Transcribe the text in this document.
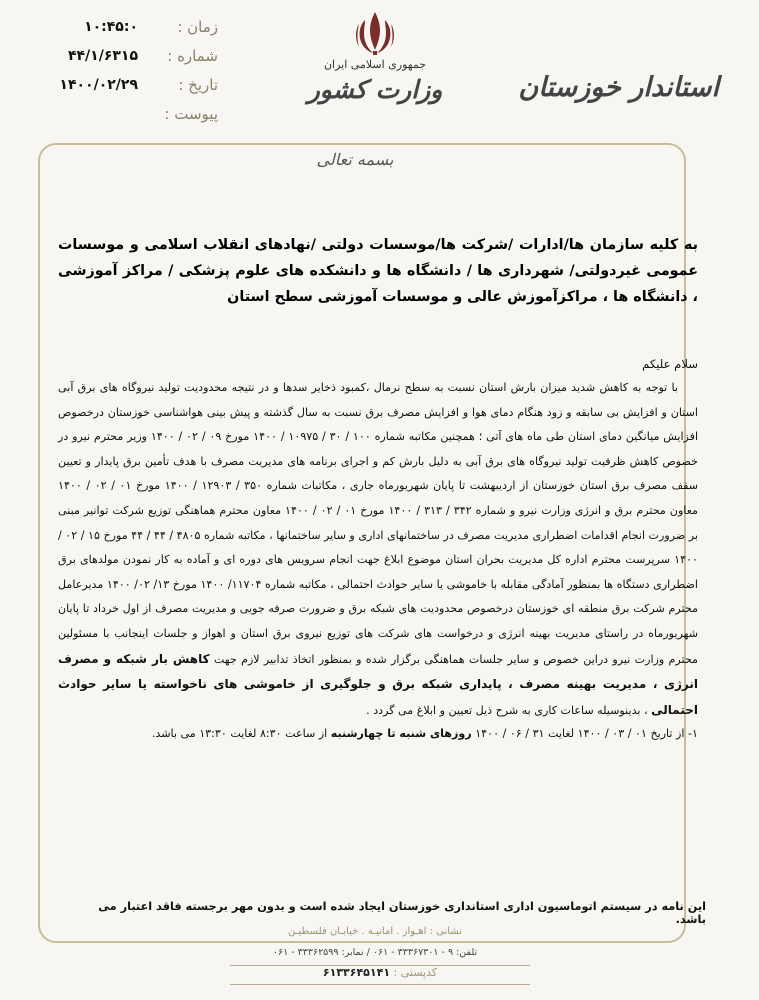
زمان :
۱۰:۴۵:۰
شماره :
۴۴/۱/۶۳۱۵
تاریخ :
۱۴۰۰/۰۲/۲۹
پیوست :
جمهوری اسلامی ایران
وزارت کشور	استاندار خوزستان
بسمه تعالی
به کلیه سازمان ها/ادارات /شرکت ها/موسسات دولتی /نهادهای انقلاب اسلامی و موسسات عمومی غیردولتی/ شهرداری ها / دانشگاه ها و دانشکده های علوم پزشکی / مراکز آموزشی ، دانشگاه ها ، مراکزآموزش عالی و موسسات آموزشی سطح استان
سلام علیکم
با توجه به کاهش شدید میزان بارش استان نسبت به سطح نرمال ،کمبود ذخایر سدها و در نتیجه محدودیت تولید نیروگاه های برق آبی استان و افزایش بی سابقه و زود هنگام دمای هوا و افزایش مصرف برق نسبت به سال گذشته و پیش بینی هواشناسی خوزستان درخصوص افزایش میانگین دمای استان طی ماه های آتی ؛ همچنین مکاتبه شماره ۱۰۰ / ۳۰ / ۱۰۹۷۵ / ۱۴۰۰ مورخ ۰۹ / ۰۲ / ۱۴۰۰ وزیر محترم نیرو در خصوص کاهش ظرفیت تولید نیروگاه های برق آبی به دلیل بارش کم و اجرای برنامه های مدیریت مصرف با هدف تأمین برق پایدار و تعیین سقف مصرف برق استان خوزستان از اردیبهشت تا پایان شهریورماه جاری ، مکاتبات شماره ۳۵۰ / ۱۲۹۰۳ / ۱۴۰۰ مورخ ۰۱ / ۰۲ / ۱۴۰۰ معاون محترم برق و انرژی وزارت نیرو و شماره ۳۴۲ / ۳۱۳ / ۱۴۰۰ مورخ ۰۱ / ۰۲ / ۱۴۰۰ معاون محترم هماهنگی توزیع شرکت توانیر مبنی بر ضرورت انجام اقدامات اضطراری مدیریت مصرف در ساختمانهای اداری و سایر ساختمانها ، مکاتبه شماره ۴۸۰۵ / ۴۴ / ۴۴ مورخ ۱۵ / ۰۲ / ۱۴۰۰ سرپرست محترم اداره کل مدیریت بحران استان موضوع ابلاغ جهت انجام سرویس های دوره ای و آماده به کار نمودن مولدهای برق اضطراری دستگاه ها بمنظور آمادگی مقابله با خاموشی یا سایر حوادث احتمالی ، مکاتبه شماره ۱۱۷۰۴/ ۱۴۰۰ مورخ ۱۳/ ۰۲/ ۱۴۰۰ مدیرعامل محترم شرکت برق منطقه ای خوزستان درخصوص محدودیت های شبکه برق و ضرورت صرفه جویی و مدیریت مصرف از اول خرداد تا پایان شهریورماه در راستای مدیریت بهینه انرژی و درخواست های شرکت های توزیع نیروی برق استان و اهواز و جلسات اینجانب با مسئولین محترم وزارت نیرو دراین خصوص و سایر جلسات هماهنگی برگزار شده و بمنظور اتخاذ تدابیر لازم جهت کاهش بار شبکه و مصرف انرژی ، مدیریت بهینه مصرف ، پایداری شبکه برق و جلوگیری از خاموشی های ناخواسته یا سایر حوادث احتمالی ، بدینوسیله ساعات کاری به شرح ذیل تعیین و ابلاغ می گردد .
۱- از تاریخ ۰۱ / ۰۳ / ۱۴۰۰ لغایت ۳۱ / ۰۶ / ۱۴۰۰ روزهای شنبه تا چهارشنبه از ساعت ۸:۳۰ لغایت ۱۳:۳۰ می باشد.
این نامه در سیستم اتوماسیون اداری استانداری خوزستان ایجاد شده است و بدون مهر برجسته فاقد اعتبار می باشد.
نشانی : اهـواز . امانیـه . خیابـان فلسطیـن
تلفن: ۹ - ۳۳۳۶۷۳۰۱ - ۰۶۱ / نمابر: ۳۳۳۶۲۵۹۹ - ۰۶۱
کدپستی : ۶۱۳۳۶۴۵۱۴۱
